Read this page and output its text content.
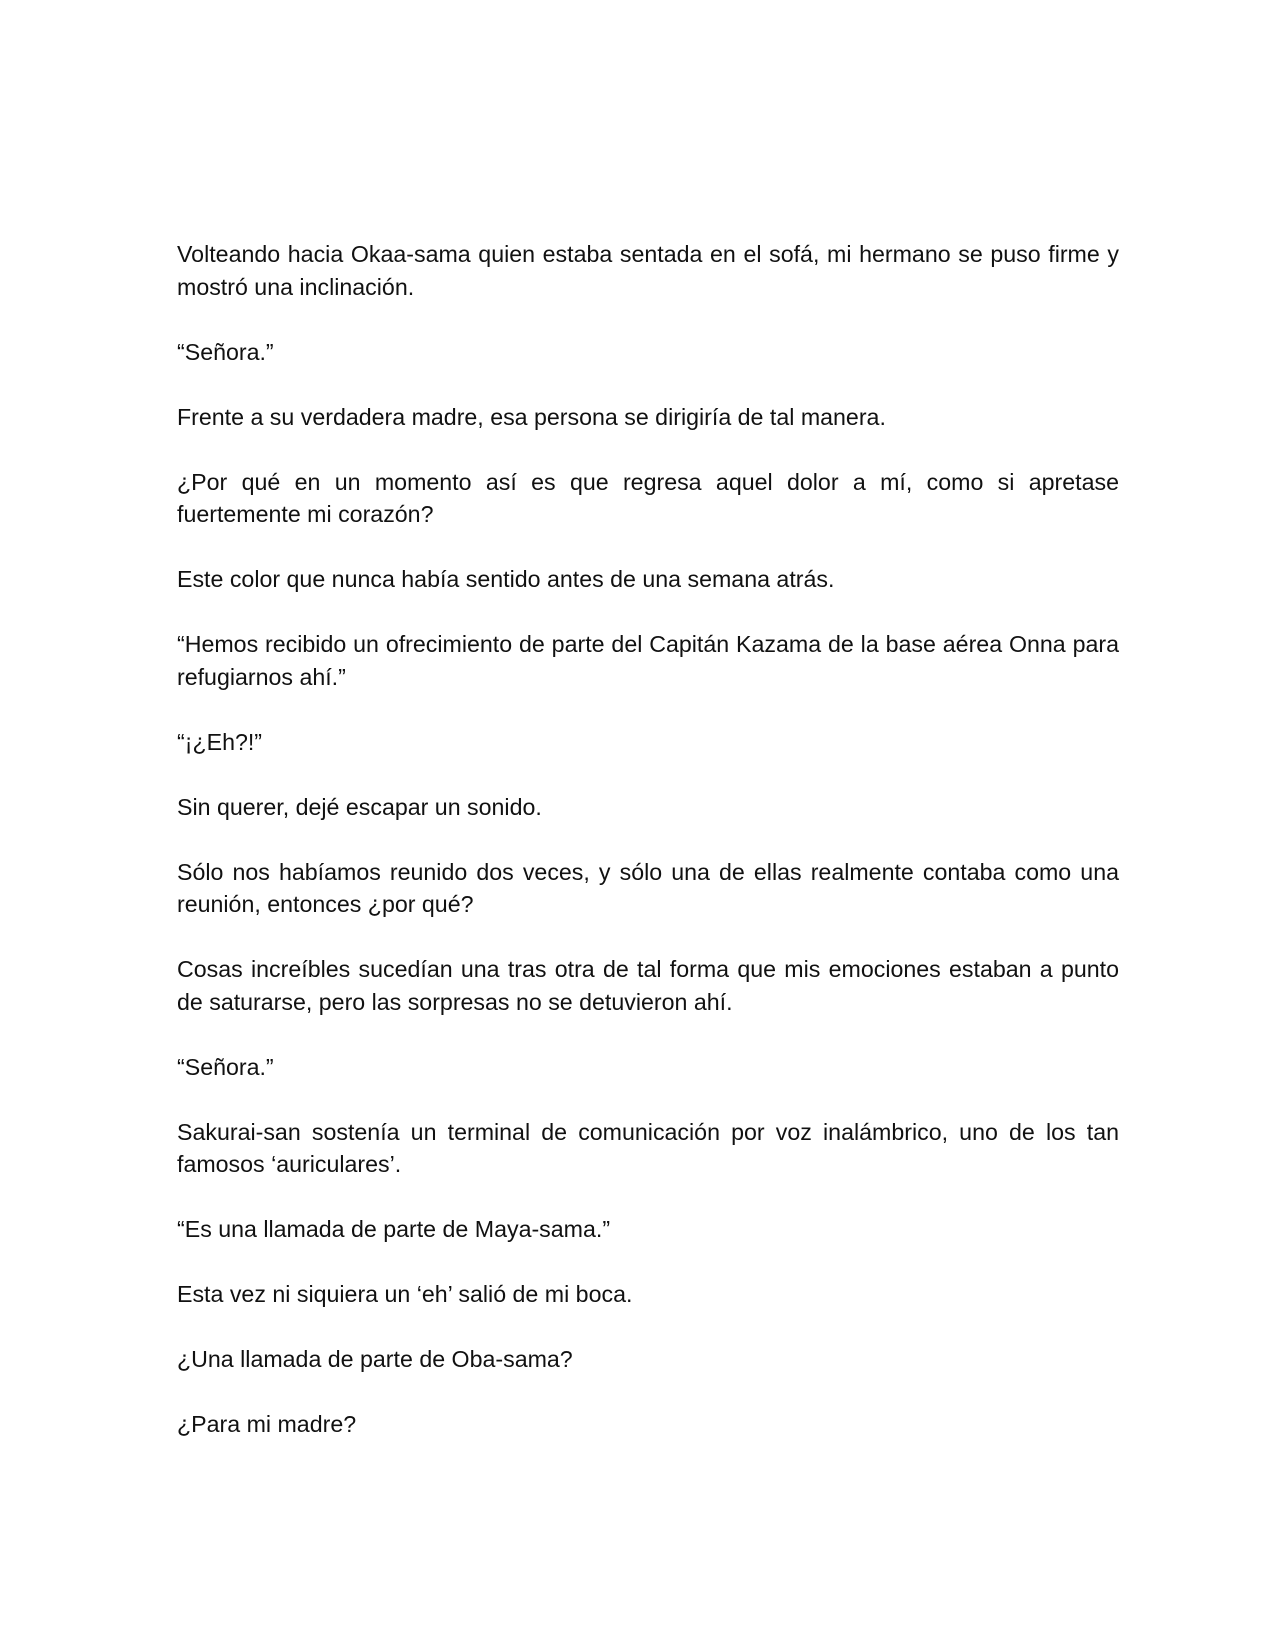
Volteando hacia Okaa-sama quien estaba sentada en el sofá, mi hermano se puso firme y mostró una inclinación.

“Señora.”

Frente a su verdadera madre, esa persona se dirigiría de tal manera.

¿Por qué en un momento así es que regresa aquel dolor a mí, como si apretase fuertemente mi corazón?

Este color que nunca había sentido antes de una semana atrás.

“Hemos recibido un ofrecimiento de parte del Capitán Kazama de la base aérea Onna para refugiarnos ahí.”

“¡¿Eh?!”

Sin querer, dejé escapar un sonido.

Sólo nos habíamos reunido dos veces, y sólo una de ellas realmente contaba como una reunión, entonces ¿por qué?

Cosas increíbles sucedían una tras otra de tal forma que mis emociones estaban a punto de saturarse, pero las sorpresas no se detuvieron ahí.

“Señora.”

Sakurai-san sostenía un terminal de comunicación por voz inalámbrico, uno de los tan famosos ‘auriculares’.

“Es una llamada de parte de Maya-sama.”

Esta vez ni siquiera un ‘eh’ salió de mi boca.

¿Una llamada de parte de Oba-sama?

¿Para mi madre?
